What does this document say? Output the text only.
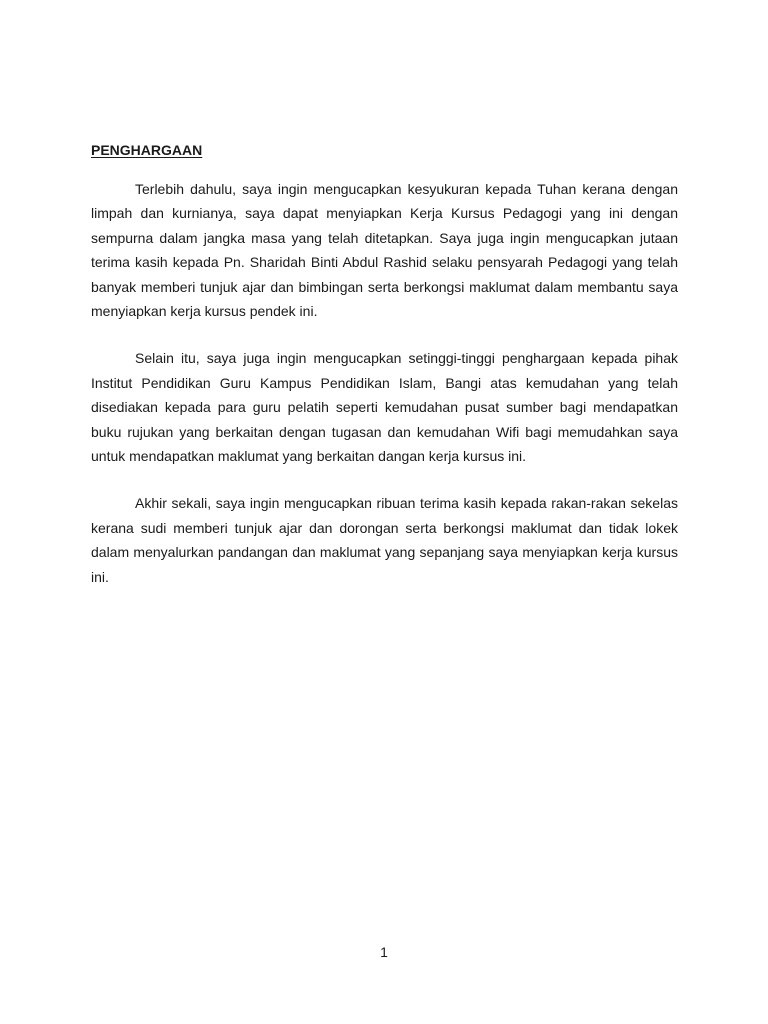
PENGHARGAAN

Terlebih dahulu, saya ingin mengucapkan kesyukuran kepada Tuhan kerana dengan limpah dan kurnianya, saya dapat menyiapkan Kerja Kursus Pedagogi yang ini dengan sempurna dalam jangka masa yang telah ditetapkan. Saya juga ingin mengucapkan jutaan terima kasih kepada Pn. Sharidah Binti Abdul Rashid selaku pensyarah Pedagogi yang telah banyak memberi tunjuk ajar dan bimbingan serta berkongsi maklumat dalam membantu saya menyiapkan kerja kursus pendek ini.

Selain itu, saya juga ingin mengucapkan setinggi-tinggi penghargaan kepada pihak Institut Pendidikan Guru Kampus Pendidikan Islam, Bangi atas kemudahan yang telah disediakan kepada para guru pelatih seperti kemudahan pusat sumber bagi mendapatkan buku rujukan yang berkaitan dengan tugasan dan kemudahan Wifi bagi memudahkan saya untuk mendapatkan maklumat yang berkaitan dangan kerja kursus ini.

Akhir sekali, saya ingin mengucapkan ribuan terima kasih kepada rakan-rakan sekelas kerana sudi memberi tunjuk ajar dan dorongan serta berkongsi maklumat dan tidak lokek dalam menyalurkan pandangan dan maklumat yang sepanjang saya menyiapkan kerja kursus ini.

1
